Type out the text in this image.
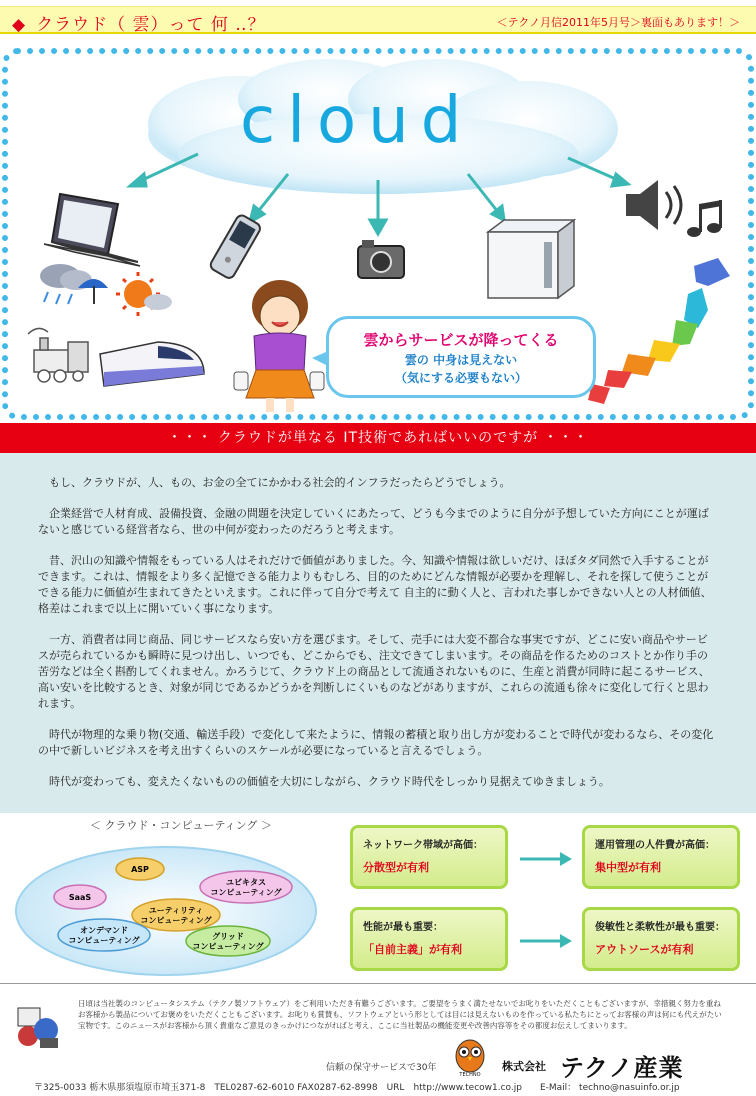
◆ クラウド（ 雲）って 何 ‥？	＜テクノ月信2011年5月号＞裏面もあります！＞
cloud
雲からサービスが降ってくる
雲の 中身は見えない
（気にする必要もない）
・・・ クラウドが単なる IT技術であればいいのですが ・・・

もし、クラウドが、人、もの、お金の全てにかかわる社会的インフラだったらどうでしょう。

企業経営で人材育成、設備投資、金融の問題を決定していくにあたって、どうも今までのように自分が予想していた方向にことが運ばないと感じている経営者なら、世の中何が変わったのだろうと考えます。

昔、沢山の知識や情報をもっている人はそれだけで価値がありました。今、知識や情報は欲しいだけ、ほぼタダ同然で入手することができます。これは、情報をより多く記憶できる能力よりもむしろ、目的のためにどんな情報が必要かを理解し、それを探して使うことができる能力に価値が生まれてきたといえます。これに伴って自分で考えて 自主的に動く人と、言われた事しかできない人との人材価値、格差はこれまで以上に開いていく事になります。

一方、消費者は同じ商品、同じサービスなら安い方を選びます。そして、売手には大変不都合な事実ですが、どこに安い商品やサービスが売られているかも瞬時に見つけ出し、いつでも、どこからでも、注文できてしまいます。その商品を作るためのコストとか作り手の苦労などは全く斟酌してくれません。かろうじて、クラウド上の商品として流通されないものに、生産と消費が同時に起こるサービス、高い安いを比較するとき、対象が同じであるかどうかを判断しにくいものなどがありますが、これらの流通も徐々に変化して行くと思われます。

時代が物理的な乗り物(交通、輸送手段）で変化して来たように、情報の蓄積と取り出し方が変わることで時代が変わるなら、その変化の中で新しいビジネスを考え出すくらいのスケールが必要になっていると言えるでしょう。

時代が変わっても、変えたくないものの価値を大切にしながら、クラウド時代をしっかり見据えてゆきましょう。

＜ クラウド・コンピューティング ＞
ASP
SaaS
ユーティリティ
コンピューティング
ユビキタス
コンピューティング
オンデマンド
コンピューティング	グリッド
コンピューティング
ネットワーク帯域が高価：
分散型が有利
運用管理の人件費が高価：
集中型が有利
性能が最も重要：
「自前主義」が有利
俊敏性と柔軟性が最も重要：
アウトソースが有利
日頃は当社製のコンピュータシステム（テクノ製ソフトウェア）をご利用いただき有難うございます。ご要望をうまく満たせないでお叱りをいただくこともございますが、幸措親く努力を重ねお客様から製品についてお褒めをいただくこともございます。お叱りも賞賛も、ソフトウェアという形としては目には見えないものを作っている私たちにとってお客様の声は何にも代えがたい宝物です。このニュースがお客様から頂く貴重なご意見のきっかけにつながればと考え、ここに当社製品の機能変更や改善内容等をその都度お伝えしてまいります。
信頼の保守サービスで30年
TECHNO
株式会社 テクノ産業
〒325-0033 栃木県那須塩原市埼玉371-8　TEL0287-62-6010 FAX0287-62-8998　URL　http://www.tecow1.co.jp　　E-Mail： techno@nasuinfo.or.jp
